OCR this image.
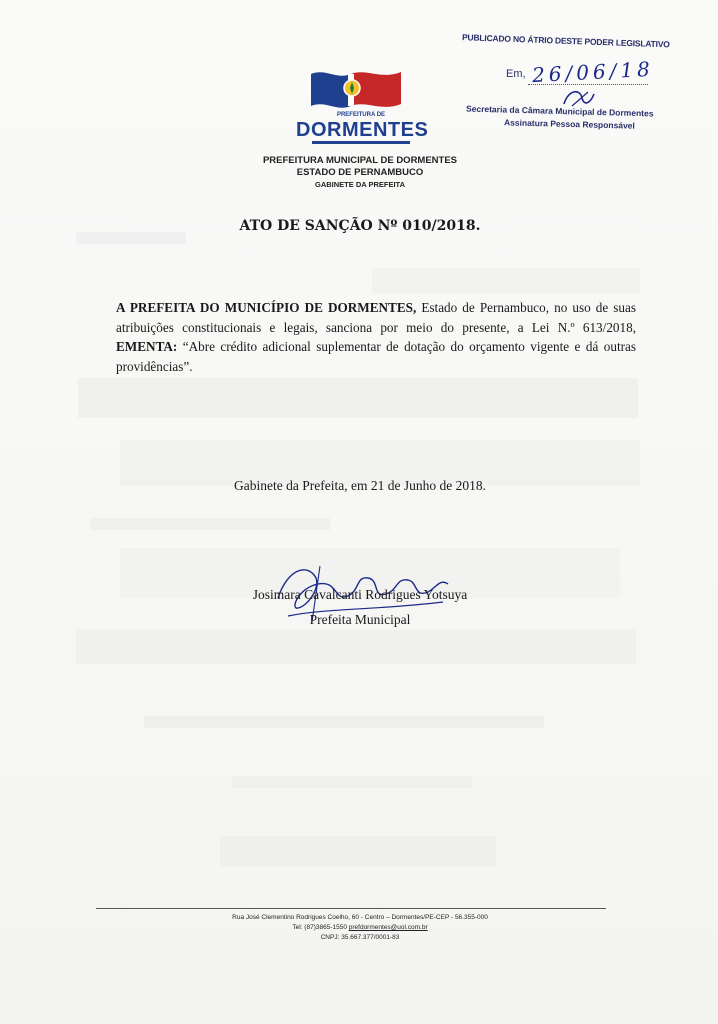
PREFEITURA DE
DORMENTES
PREFEITURA MUNICIPAL DE DORMENTES
ESTADO DE PERNAMBUCO
GABINETE DA PREFEITA
PUBLICADO NO ÁTRIO DESTE PODER LEGISLATIVO
Em, 26/06/18
Secretaria da Câmara Municipal de Dormentes
Assinatura Pessoa Responsável
ATO DE SANÇÃO Nº 010/2018.
A PREFEITA DO MUNICÍPIO DE DORMENTES, Estado de Pernambuco, no uso de suas atribuições constitucionais e legais, sanciona por meio do presente, a Lei N.º 613/2018, EMENTA: “Abre crédito adicional suplementar de dotação do orçamento vigente e dá outras providências”.
Gabinete da Prefeita, em 21 de Junho de 2018.
Josimara Cavalcanti Rodrigues Yotsuya
Prefeita Municipal
Rua José Clementino Rodrigues Coelho, 60 - Centro – Dormentes/PE-CEP - 56.355-000
Tel: (87)3865-1550 prefdormentes@uol.com.br
CNPJ: 35.667.377/0001-83
